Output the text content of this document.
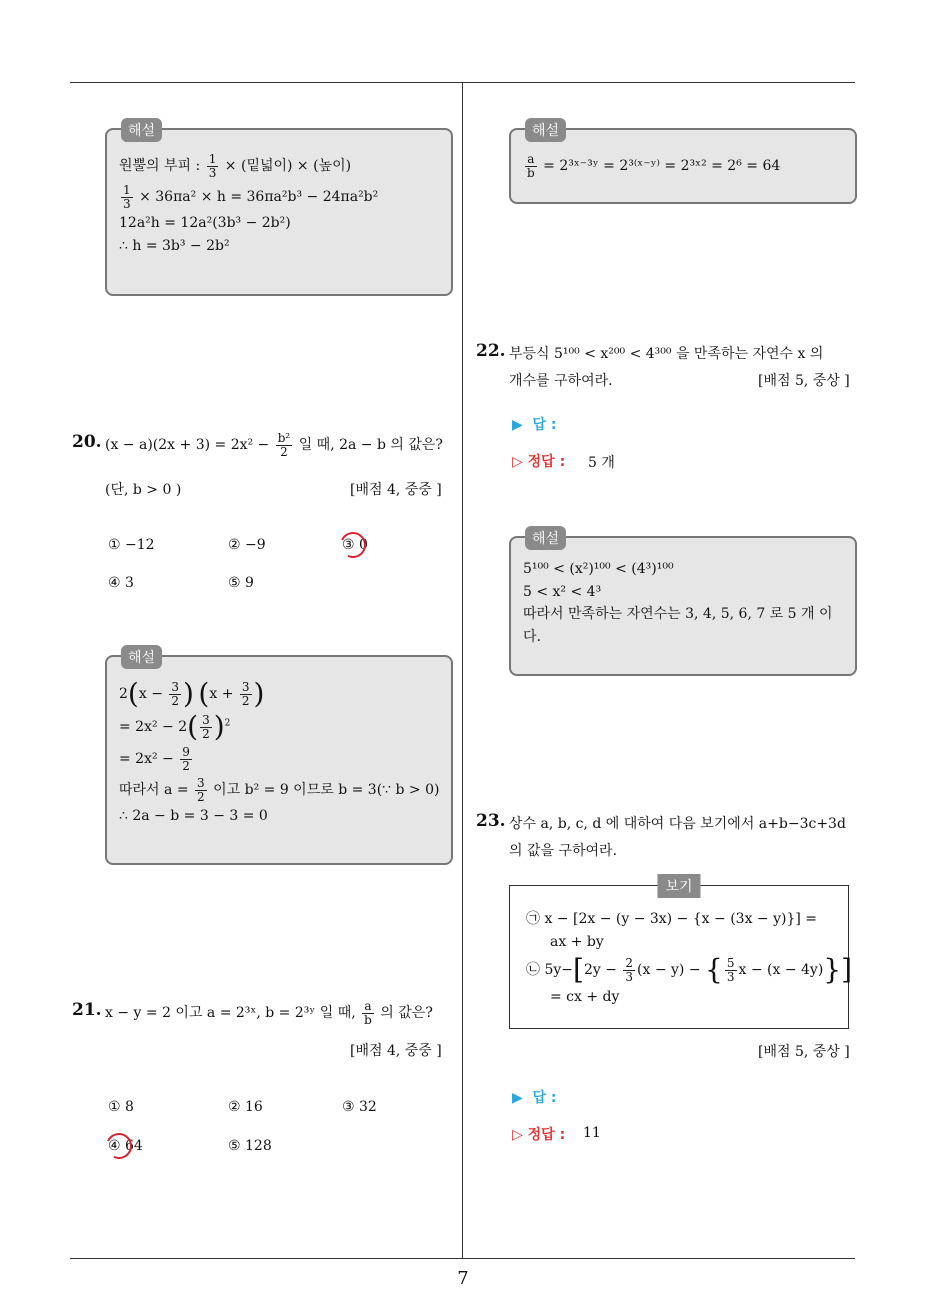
7
해설
원뿔의 부피 : $\frac{1}{3}$ × (밑넓이) × (높이)
$\frac{1}{3} \times 36\pi a^2 \times h = 36\pi a^2b^3 - 24\pi a^2b^2$
12a²h = 12a²(3b³ − 2b²)
∴ h = 3b³ − 2b²
20. $(x - a)(2x + 3) = 2x^2 - \frac{\text{b²}}{2}$ 일 때, 2a − b 의 값은?
(단, b > 0 )	[배점 4, 중중 ]
① −12	② −9	③ 0
④ 3	⑤ 9
해설
$2(x - \frac{3}{2}$ ) ($x + \frac{3}{2}$ )
= $2x^2 - 2( \frac{3}{2} )^2$
= $2x^2 - \frac{9}{2}$
따라서 $a = \frac{3}{2}$ 이고 b² = 9 이므로 b = 3(∵ b > 0)
∴ 2a − b = 3 − 3 = 0
21. x − y = 2 이고 a = 2³ˣ, b = 2³ʸ 일 때, $\frac{a}{b}$ 의 값은?
[배점 4, 중중 ]
① 8	② 16	③ 32
④ 64	⑤ 128
해설
$\frac{a}{b}$ = 2³ˣ⁻³ʸ = 2³⁽ˣ⁻ʸ⁾ = 2³ˣ² = 2⁶ = 64
22. 부등식 5¹⁰⁰ < x²⁰⁰ < 4³⁰⁰ 을 만족하는 자연수 x 의
개수를 구하여라.	[배점 5, 중상 ]
▶ 답 :
▷ 정답 : 5 개
해설
5¹⁰⁰ < (x²)¹⁰⁰ < (4³)¹⁰⁰
5 < x² < 4³
따라서 만족하는 자연수는 3, 4, 5, 6, 7 로 5 개 이
다.
23. 상수 a, b, c, d 에 대하여 다음 보기에서 a+b−3c+3d
의 값을 구하여라.
보기
㉠ x − [2x − (y − 3x) − {x − (3x − y)}] =
ax + by
㉡ $5y-[2y - \frac{2}{3} (x - y)$ − { $\frac{5}{3}$ x − (x − 4y)}]
= cx + dy
[배점 5, 중상 ]
▶ 답 :
▷ 정답 : 11
